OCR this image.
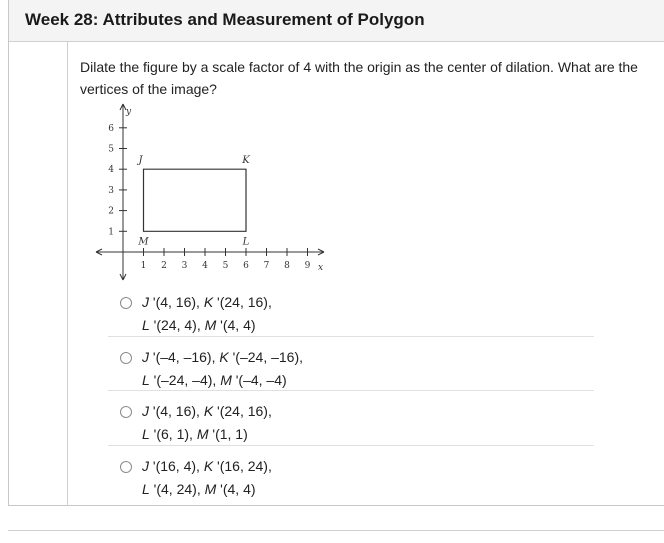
Week 28: Attributes and Measurement of Polygon
Dilate the figure by a scale factor of 4 with the origin as the center of dilation. What are the vertices of the image?
y
x
1 2 3 4 5 6 7 8 9
1
2
3
4
5
6
J	K
L
M
J '(4, 16), K '(24, 16),
L '(24, 4), M '(4, 4)
J '(–4, –16), K '(–24, –16),
L '(–24, –4), M '(–4, –4)
J '(4, 16), K '(24, 16),
L '(6, 1), M '(1, 1)
J '(16, 4), K '(16, 24),
L '(4, 24), M '(4, 4)
